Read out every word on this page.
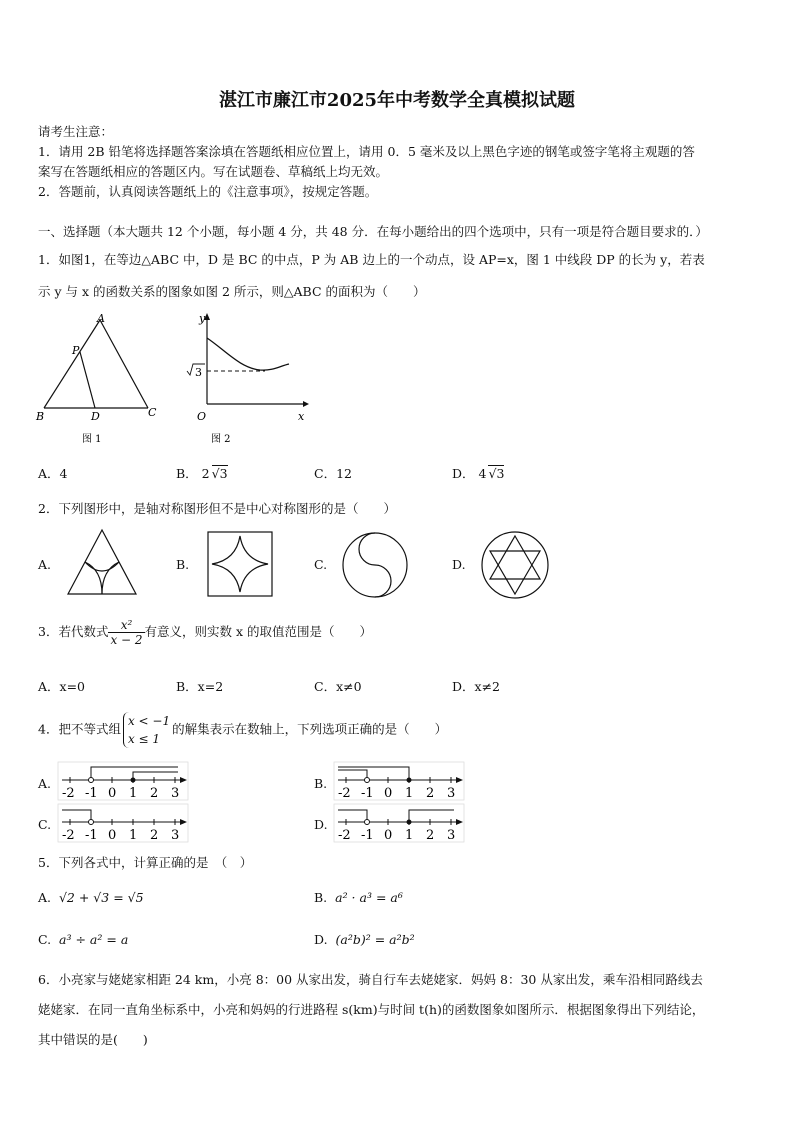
湛江市廉江市2025年中考数学全真模拟试题
请考生注意：
1．请用 2B 铅笔将选择题答案涂填在答题纸相应位置上，请用 0．5 毫米及以上黑色字迹的钢笔或签字笔将主观题的答
案写在答题纸相应的答题区内。写在试题卷、草稿纸上均无效。
2．答题前，认真阅读答题纸上的《注意事项》，按规定答题。
一、选择题（本大题共 12 个小题，每小题 4 分，共 48 分．在每小题给出的四个选项中，只有一项是符合题目要求的．）
1．如图1，在等边△ABC 中，D 是 BC 的中点，P 为 AB 边上的一个动点，设 AP=x，图 1 中线段 DP 的长为 y，若表
示 y 与 x 的函数关系的图象如图 2 所示，则△ABC 的面积为（　　）
A
P
B	D	C
图 1
y
x
O
3
图 2
A．4	B． 2 √3	C．12	D． 4 √3
2．下列图形中，是轴对称图形但不是中心对称图形的是（　　）
A.	B.	C.	D.
3．若代数式 $\frac{\text{x²}}{x - 2}$ 有意义，则实数 x 的取值范围是（　　）
A．x=0	B．x=2	C．x≠0	D．x≠2
4．把不等式组
x < −1
x ≤ 1
的解集表示在数轴上，下列选项正确的是（　　）
A.
-2 -1 0 1 2 3
B.
-2 -1 0 1 2 3
C.
-2 -1 0 1 2 3
D.
-2 -1 0 1 2 3
5．下列各式中，计算正确的是　（　）
A. √2 + √3 = √5	B. a² · a³ = a⁶
C. a³ ÷ a² = a	D. (a²b)² = a²b²
6．小亮家与姥姥家相距 24 km，小亮 8：00 从家出发，骑自行车去姥姥家．妈妈 8：30 从家出发，乘车沿相同路线去
姥姥家．在同一直角坐标系中，小亮和妈妈的行进路程 s(km)与时间 t(h)的函数图象如图所示．根据图象得出下列结论，
其中错误的是(　　)
